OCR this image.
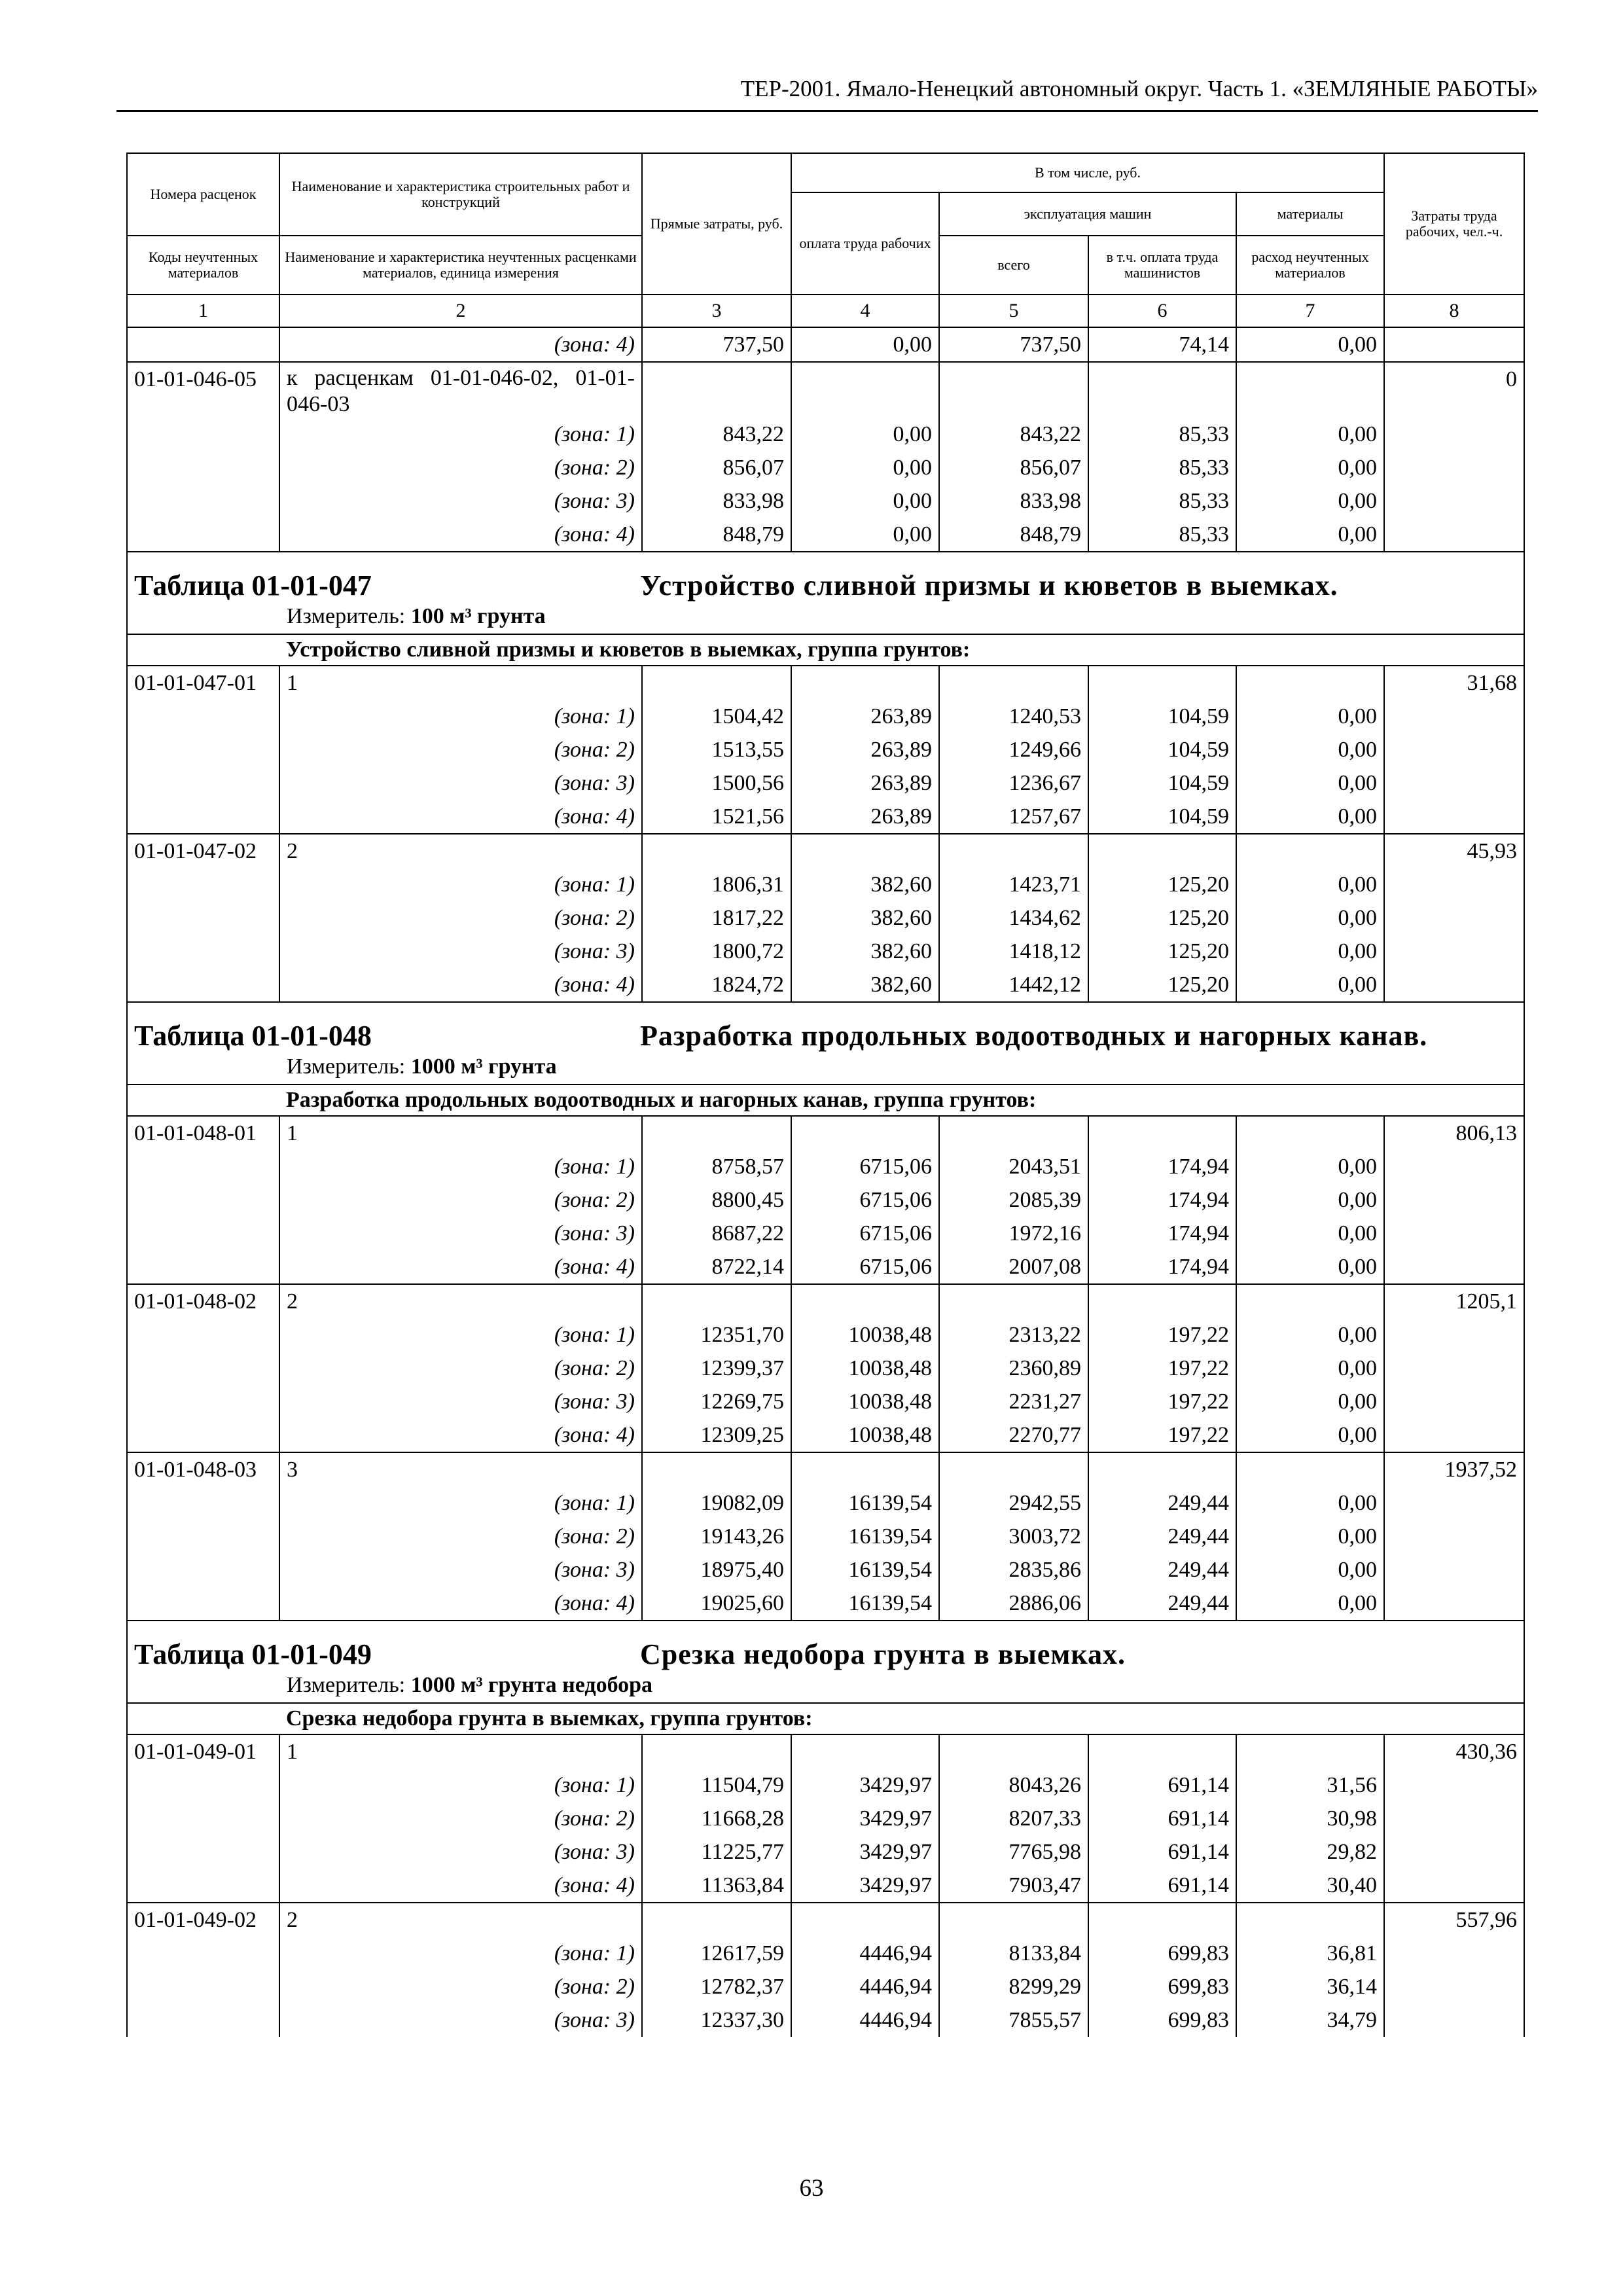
ТЕР-2001. Ямало-Ненецкий автономный округ. Часть 1. «ЗЕМЛЯНЫЕ РАБОТЫ»
Номера расценок	Наименование и характеристика строительных работ и конструкций	Прямые затраты, руб.	В том числе, руб.				Затраты труда рабочих, чел.-ч.
			оплата труда рабочих	эксплуатация машин		материалы	
Коды неучтенных материалов	Наименование и характеристика неучтенных расценками материалов, единица измерения			всего	в т.ч. оплата труда машинистов	расход неучтенных материалов	
1	2	3	4	5	6	7	8
	(зона: 4)	737,50	0,00	737,50	74,14	0,00	
01-01-046-05	к расценкам 01-01-046-02, 01-01-046-03						0
	(зона: 1)	843,22	0,00	843,22	85,33	0,00	
	(зона: 2)	856,07	0,00	856,07	85,33	0,00	
	(зона: 3)	833,98	0,00	833,98	85,33	0,00	
	(зона: 4)	848,79	0,00	848,79	85,33	0,00	

Таблица 01-01-047 Устройство сливной призмы и кюветов в выемках.
Измеритель: 100 м³ грунта							

	Устройство сливной призмы и кюветов в выемках, группа грунтов:						
01-01-047-01	1						31,68
	(зона: 1)	1504,42	263,89	1240,53	104,59	0,00	
	(зона: 2)	1513,55	263,89	1249,66	104,59	0,00	
	(зона: 3)	1500,56	263,89	1236,67	104,59	0,00	
	(зона: 4)	1521,56	263,89	1257,67	104,59	0,00	
01-01-047-02	2						45,93
	(зона: 1)	1806,31	382,60	1423,71	125,20	0,00	
	(зона: 2)	1817,22	382,60	1434,62	125,20	0,00	
	(зона: 3)	1800,72	382,60	1418,12	125,20	0,00	
	(зона: 4)	1824,72	382,60	1442,12	125,20	0,00	

Таблица 01-01-048 Разработка продольных водоотводных и нагорных канав.
Измеритель: 1000 м³ грунта							

	Разработка продольных водоотводных и нагорных канав, группа грунтов:						
01-01-048-01	1						806,13
	(зона: 1)	8758,57	6715,06	2043,51	174,94	0,00	
	(зона: 2)	8800,45	6715,06	2085,39	174,94	0,00	
	(зона: 3)	8687,22	6715,06	1972,16	174,94	0,00	
	(зона: 4)	8722,14	6715,06	2007,08	174,94	0,00	
01-01-048-02	2						1205,1
	(зона: 1)	12351,70	10038,48	2313,22	197,22	0,00	
	(зона: 2)	12399,37	10038,48	2360,89	197,22	0,00	
	(зона: 3)	12269,75	10038,48	2231,27	197,22	0,00	
	(зона: 4)	12309,25	10038,48	2270,77	197,22	0,00	
01-01-048-03	3						1937,52
	(зона: 1)	19082,09	16139,54	2942,55	249,44	0,00	
	(зона: 2)	19143,26	16139,54	3003,72	249,44	0,00	
	(зона: 3)	18975,40	16139,54	2835,86	249,44	0,00	
	(зона: 4)	19025,60	16139,54	2886,06	249,44	0,00	

Таблица 01-01-049 Срезка недобора грунта в выемках.
Измеритель: 1000 м³ грунта недобора							

	Срезка недобора грунта в выемках, группа грунтов:						
01-01-049-01	1						430,36
	(зона: 1)	11504,79	3429,97	8043,26	691,14	31,56	
	(зона: 2)	11668,28	3429,97	8207,33	691,14	30,98	
	(зона: 3)	11225,77	3429,97	7765,98	691,14	29,82	
	(зона: 4)	11363,84	3429,97	7903,47	691,14	30,40	
01-01-049-02	2						557,96
	(зона: 1)	12617,59	4446,94	8133,84	699,83	36,81	
	(зона: 2)	12782,37	4446,94	8299,29	699,83	36,14	
	(зона: 3)	12337,30	4446,94	7855,57	699,83	34,79	
63
